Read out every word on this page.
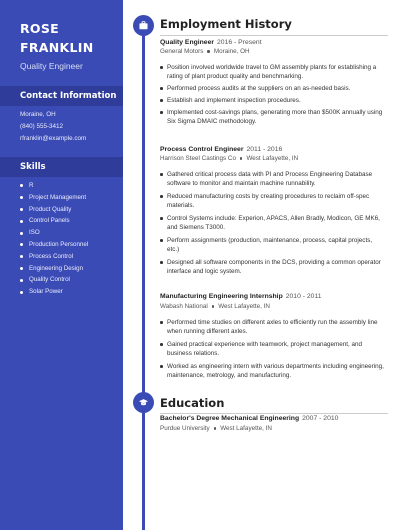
ROSE
FRANKLIN
Quality Engineer
Contact Information
Moraine, OH
(840) 555-3412
rfranklin@example.com
Skills
R
Project Management
Product Quality
Control Panels
ISO
Production Personnel
Process Control
Engineering Design
Quality Control
Solar Power
Employment History
Quality Engineer 2016 - Present
General Motors Moraine, OH
Position involved worldwide travel to GM assembly plants for establishing a rating of plant product quality and benchmarking.
Performed process audits at the suppliers on an as-needed basis.
Establish and implement inspection procedures.
Implemented cost-savings plans, generating more than $500K annually using Six Sigma DMAIC methodology.
Process Control Engineer 2011 - 2016
Harrison Steel Castings Co West Lafayette, IN
Gathered critical process data with PI and Process Engineering Database software to monitor and maintain machine runnability.
Reduced manufacturing costs by creating procedures to reclaim off-spec materials.
Control Systems include: Experion, APACS, Allen Bradly, Modicon, GE MK6, and Siemens T3000.
Perform assignments (production, maintenance, process, capital projects, etc.)
Designed all software components in the DCS, providing a common operator interface and logic system.
Manufacturing Engineering Internship 2010 - 2011
Wabash National West Lafayette, IN
Performed time studies on different axles to efficiently run the assembly line when running different axles.
Gained practical experience with teamwork, project management, and business relations.
Worked as engineering intern with various departments including engineering, maintenance, metrology, and manufacturing.
Education
Bachelor's Degree Mechanical Engineering 2007 - 2010
Purdue University West Lafayette, IN
